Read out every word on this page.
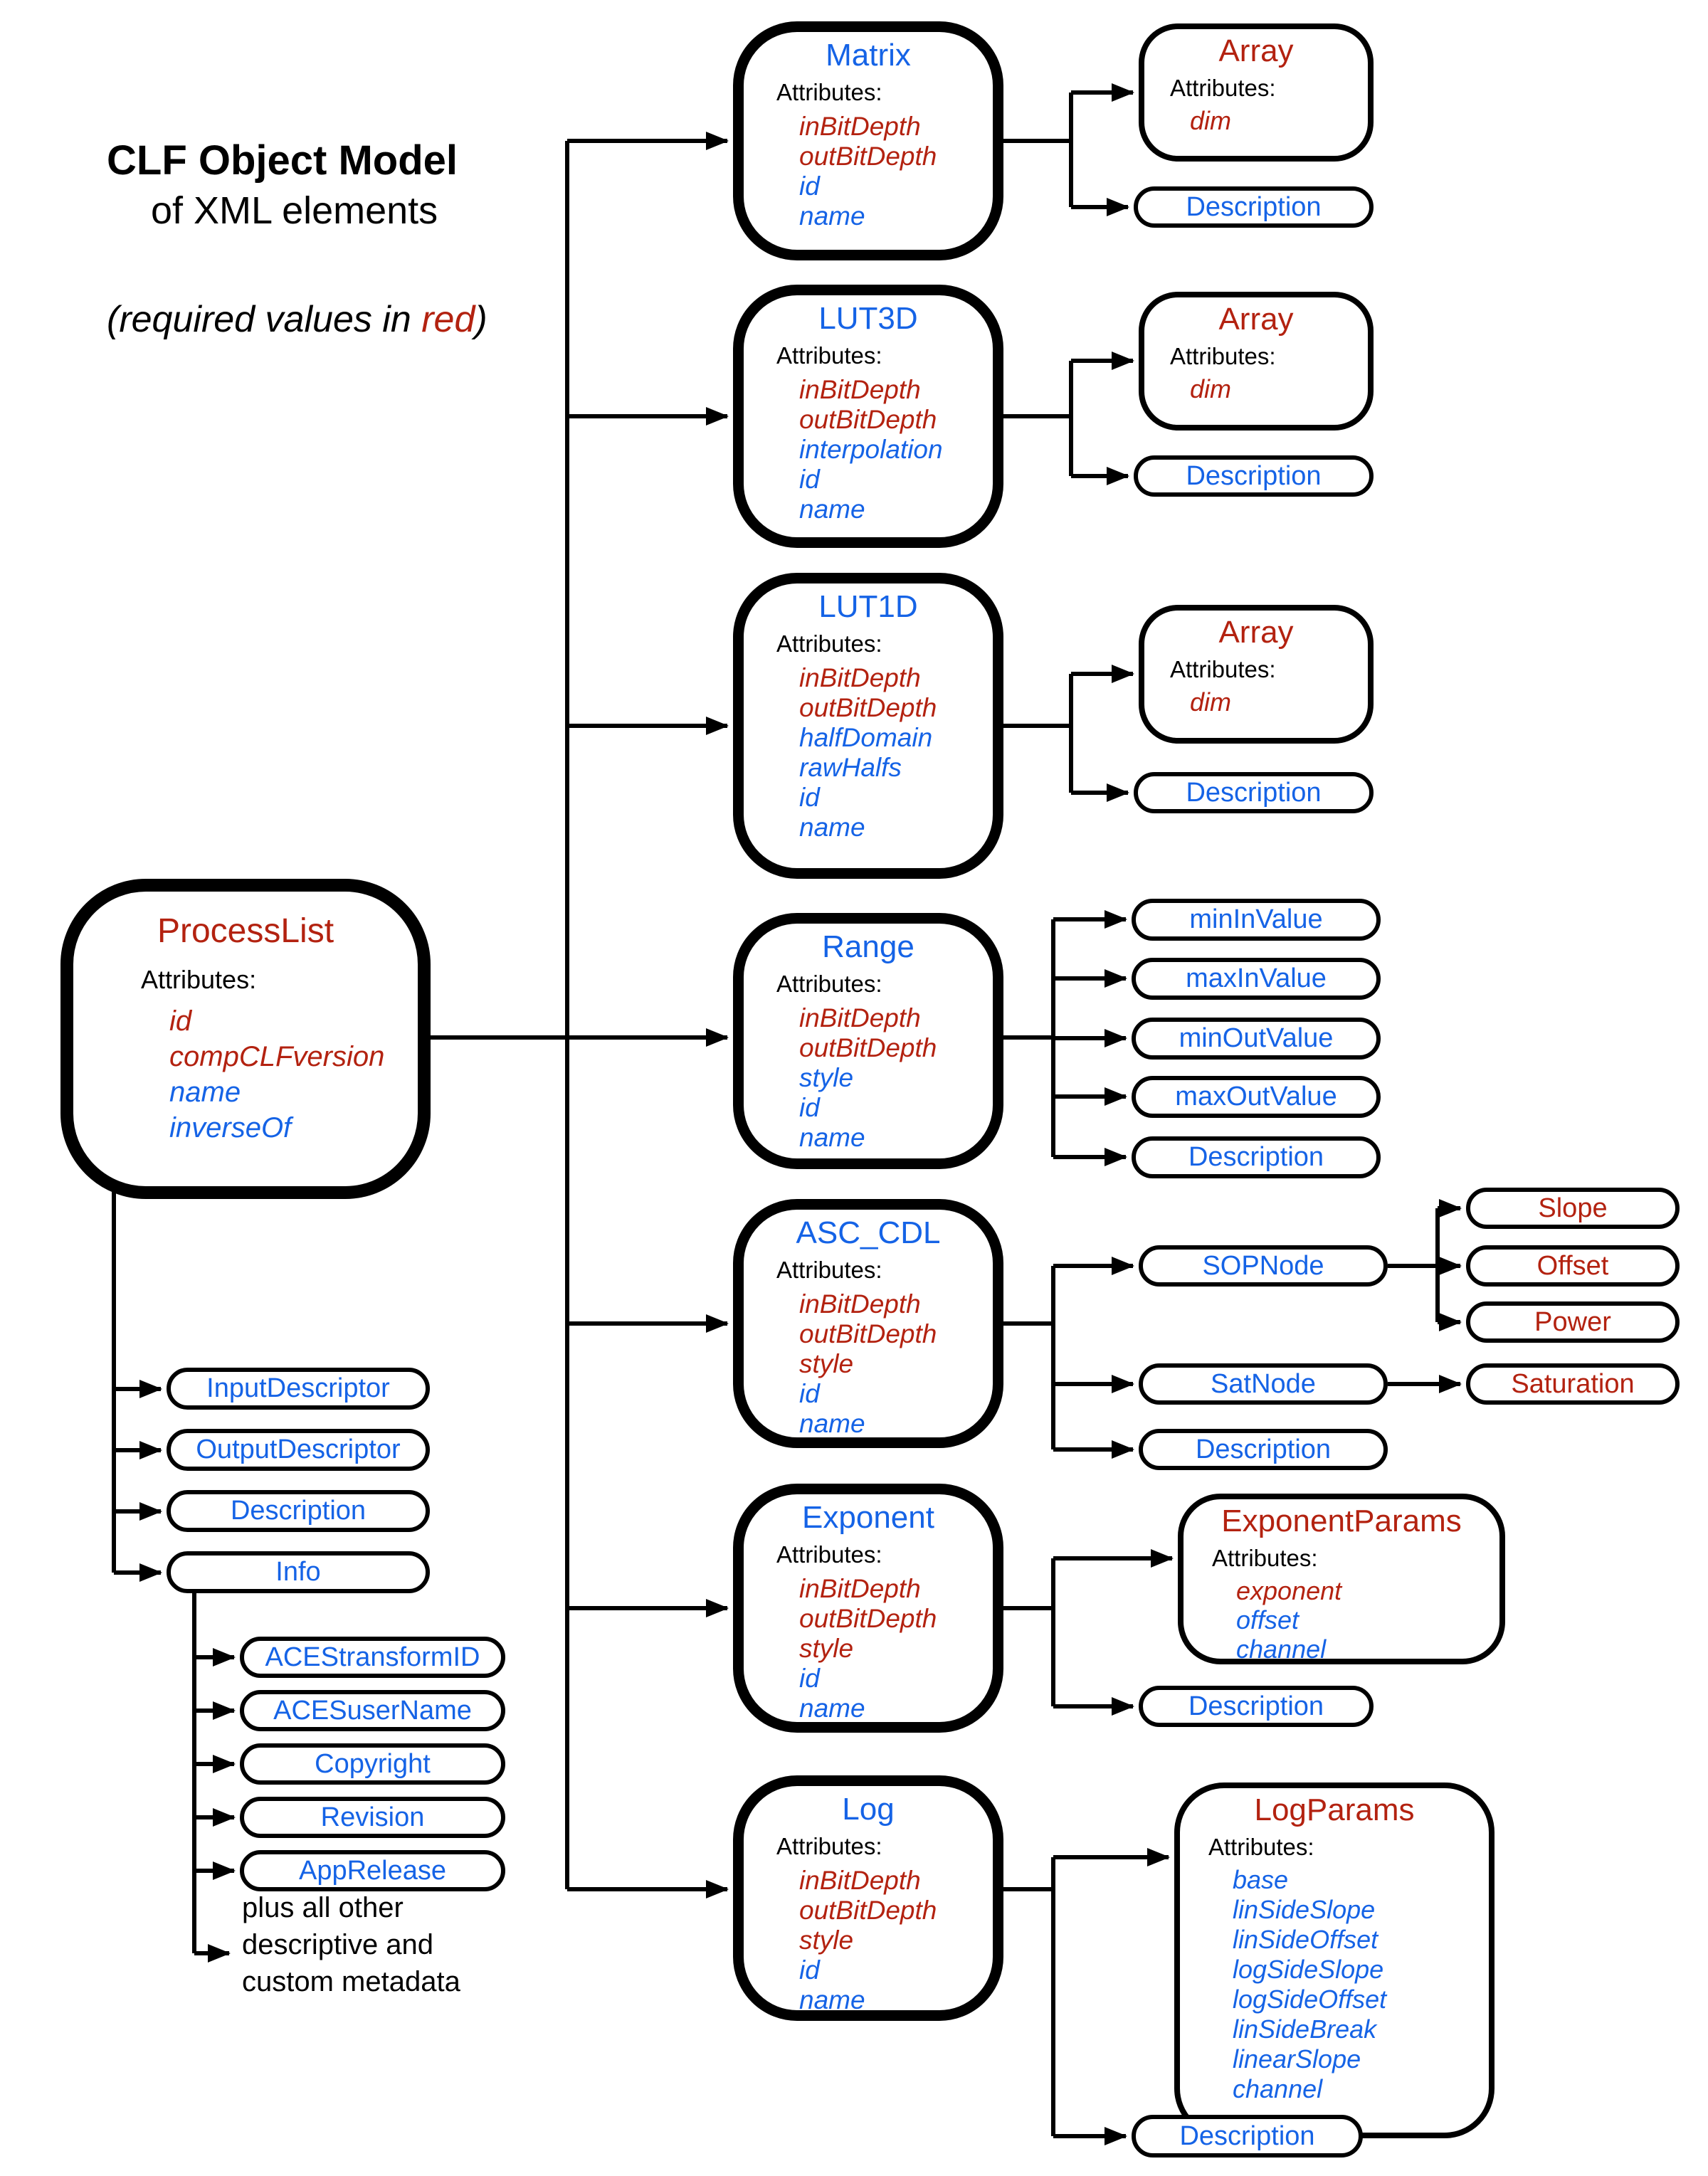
CLF Object Model
of XML elements
(required values in red)
ProcessList
Attributes:
id
compCLFversion
name
inverseOf
Matrix
Attributes:
inBitDepth
outBitDepth
id
name
LUT3D
Attributes:
inBitDepth
outBitDepth
interpolation
id
name
LUT1D
Attributes:
inBitDepth
outBitDepth
halfDomain
rawHalfs
id
name
Range
Attributes:
inBitDepth
outBitDepth
style
id
name
ASC_CDL
Attributes:
inBitDepth
outBitDepth
style
id
name
Exponent
Attributes:
inBitDepth
outBitDepth
style
id
name
Log
Attributes:
inBitDepth
outBitDepth
style
id
name
Array
Attributes:
dim
Array
Attributes:
dim
Array
Attributes:
dim
Description
Description
Description
minInValue
maxInValue
minOutValue
maxOutValue
Description
SOPNode
SatNode
Description
Slope
Offset
Power
Saturation
ExponentParams
Attributes:
exponent
offset
channel
Description
LogParams
Attributes:
base
linSideSlope
linSideOffset
logSideSlope
logSideOffset
linSideBreak
linearSlope
channel
Description
InputDescriptor
OutputDescriptor
Description
Info
ACEStransformID
ACESuserName
Copyright
Revision
AppRelease
plus all other
descriptive and
custom metadata
